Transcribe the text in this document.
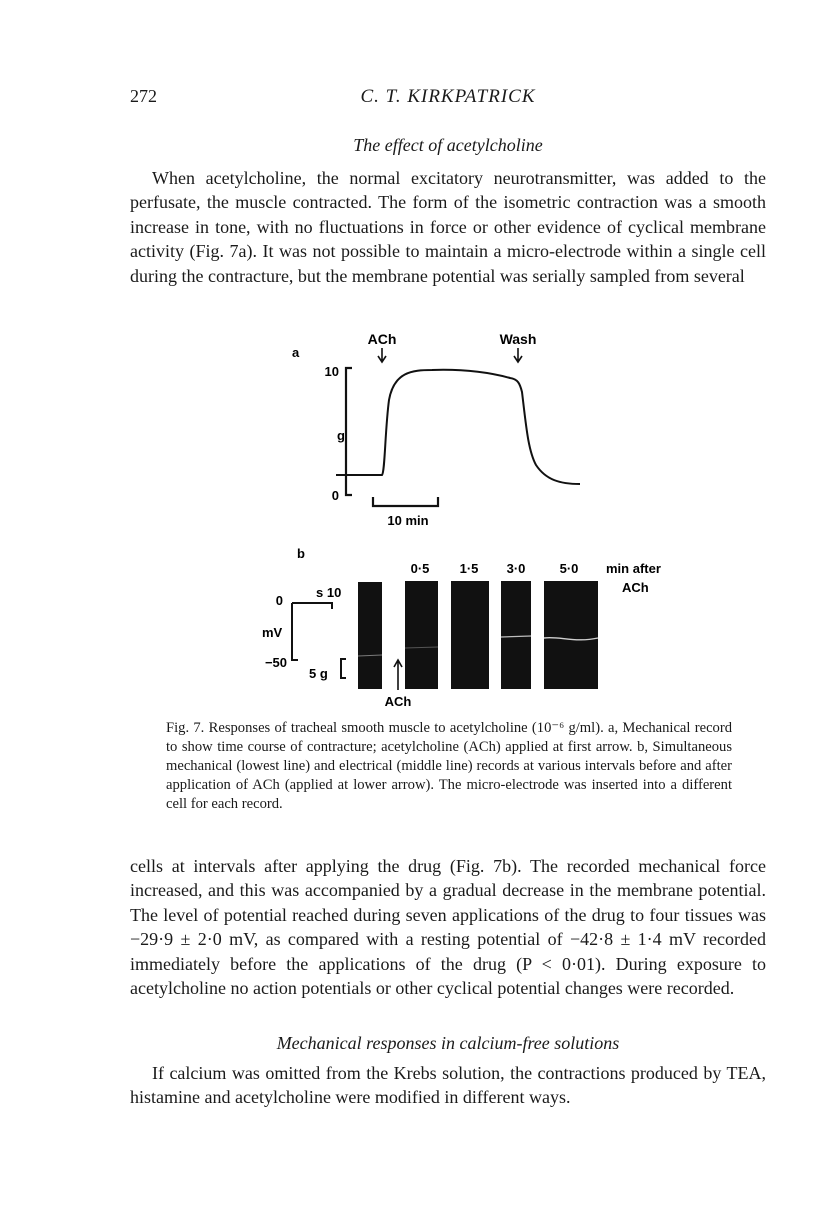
272	C. T. KIRKPATRICK
The effect of acetylcholine

When acetylcholine, the normal excitatory neurotransmitter, was added to the perfusate, the muscle contracted. The form of the isometric contraction was a smooth increase in tone, with no fluctuations in force or other evidence of cyclical membrane activity (Fig. 7a). It was not possible to maintain a micro-electrode within a single cell during the contracture, but the membrane potential was serially sampled from several

a
ACh	Wash
10
0
g
10 min
b
0·5 1·5 3·0	5·0 min after
ACh
0
mV
−50
s 10
5 g
ACh

Fig. 7. Responses of tracheal smooth muscle to acetylcholine (10⁻⁶ g/ml). a, Mechanical record to show time course of contracture; acetylcholine (ACh) applied at first arrow. b, Simultaneous mechanical (lowest line) and electrical (middle line) records at various intervals before and after application of ACh (applied at lower arrow). The micro-electrode was inserted into a different cell for each record.

cells at intervals after applying the drug (Fig. 7b). The recorded mechanical force increased, and this was accompanied by a gradual decrease in the membrane potential. The level of potential reached during seven applications of the drug to four tissues was −29·9 ± 2·0 mV, as compared with a resting potential of −42·8 ± 1·4 mV recorded immediately before the applications of the drug (P < 0·01). During exposure to acetylcholine no action potentials or other cyclical potential changes were recorded.

Mechanical responses in calcium-free solutions

If calcium was omitted from the Krebs solution, the contractions produced by TEA, histamine and acetylcholine were modified in different ways.
